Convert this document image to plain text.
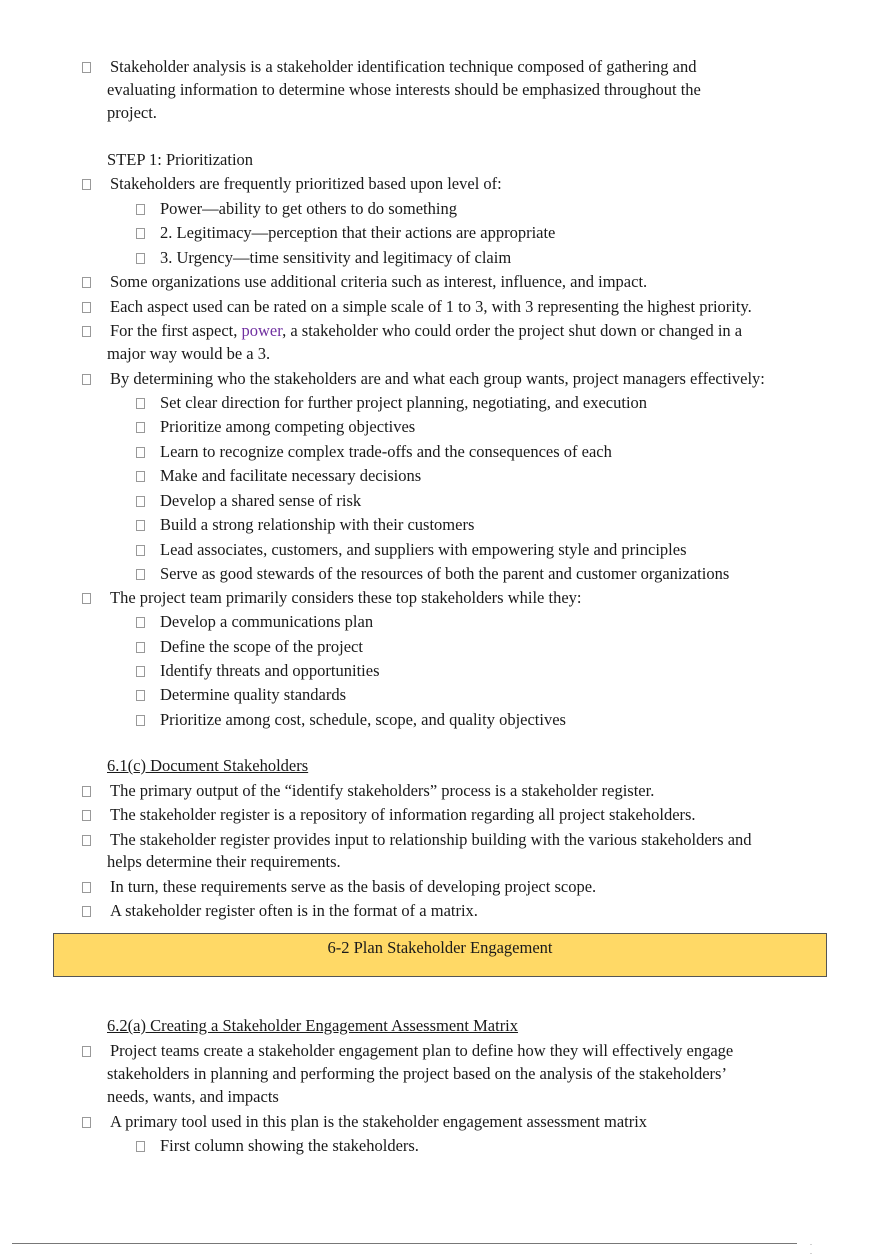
Stakeholder analysis is a stakeholder identification technique composed of gathering and
evaluating information to determine whose interests should be emphasized throughout the
project.
STEP 1: Prioritization
Stakeholders are frequently prioritized based upon level of:
Power—ability to get others to do something
2. Legitimacy—perception that their actions are appropriate
3. Urgency—time sensitivity and legitimacy of claim
Some organizations use additional criteria such as interest, influence, and impact.
Each aspect used can be rated on a simple scale of 1 to 3, with 3 representing the highest priority.
For the first aspect, power, a stakeholder who could order the project shut down or changed in a
major way would be a 3.
By determining who the stakeholders are and what each group wants, project managers effectively:
Set clear direction for further project planning, negotiating, and execution
Prioritize among competing objectives
Learn to recognize complex trade-offs and the consequences of each
Make and facilitate necessary decisions
Develop a shared sense of risk
Build a strong relationship with their customers
Lead associates, customers, and suppliers with empowering style and principles
Serve as good stewards of the resources of both the parent and customer organizations
The project team primarily considers these top stakeholders while they:
Develop a communications plan
Define the scope of the project
Identify threats and opportunities
Determine quality standards
Prioritize among cost, schedule, scope, and quality objectives
6.1(c) Document Stakeholders
The primary output of the “identify stakeholders” process is a stakeholder register.
The stakeholder register is a repository of information regarding all project stakeholders.
The stakeholder register provides input to relationship building with the various stakeholders and
helps determine their requirements.
In turn, these requirements serve as the basis of developing project scope.
A stakeholder register often is in the format of a matrix.
6-2 Plan Stakeholder Engagement
6.2(a) Creating a Stakeholder Engagement Assessment Matrix
Project teams create a stakeholder engagement plan to define how they will effectively engage
stakeholders in planning and performing the project based on the analysis of the stakeholders’
needs, wants, and impacts
A primary tool used in this plan is the stakeholder engagement assessment matrix
First column showing the stakeholders.
. .
